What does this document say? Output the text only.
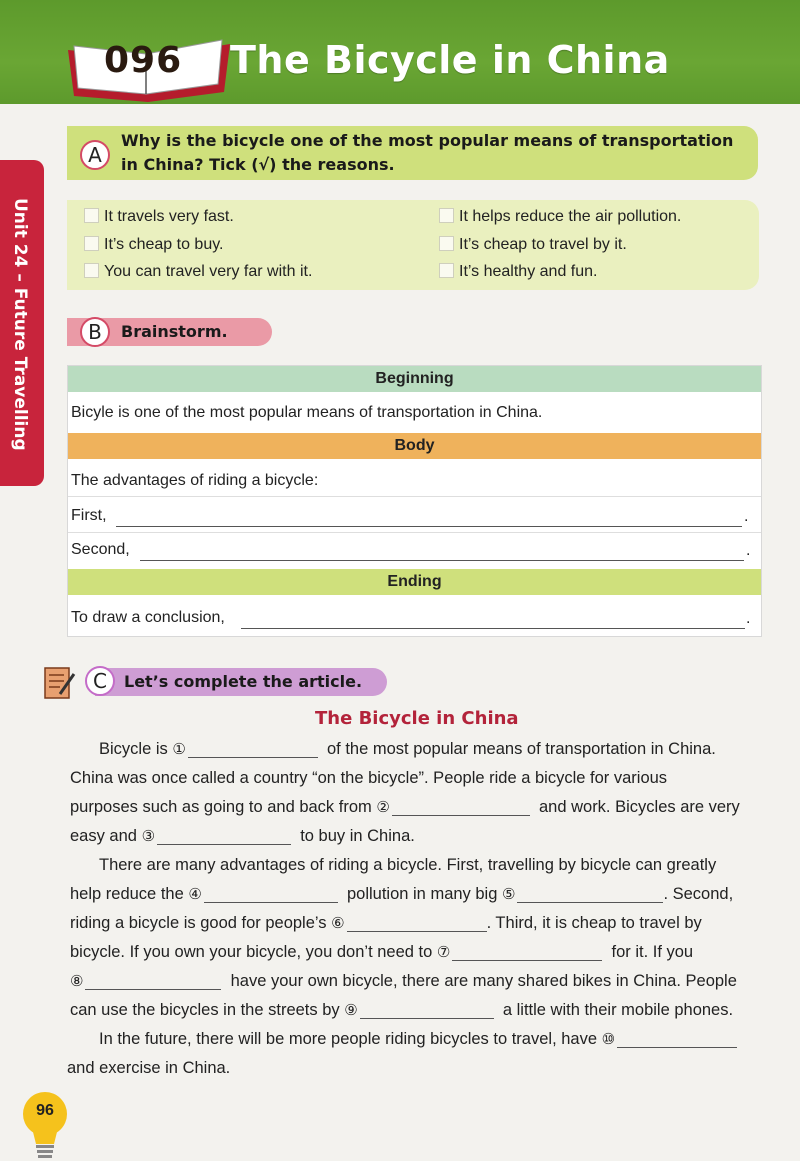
096	The Bicycle in China
Unit 24 – Future Travelling
A
Why is the bicycle one of the most popular means of transportation
in China? Tick (√) the reasons.
It travels very fast.
It’s cheap to buy.
You can travel very far with it.
It helps reduce the air pollution.
It’s cheap to travel by it.
It’s healthy and fun.
B	Brainstorm.
Beginning
Bicyle is one of the most popular means of transportation in China.
Body
The advantages of riding a bicycle:
First,	.
Second,	.
Ending
To draw a conclusion,	.
C	Let’s complete the article.
The Bicycle in China
Bicycle is ①	of the most popular means of transportation in China.
China was once called a country “on the bicycle”. People ride a bicycle for various
purposes such as going to and back from ②	and work. Bicycles are very
easy and ③	to buy in China.
There are many advantages of riding a bicycle. First, travelling by bicycle can greatly
help reduce the ④	pollution in many big ⑤	. Second,
riding a bicycle is good for people’s ⑥	. Third, it is cheap to travel by
bicycle. If you own your bicycle, you don’t need to ⑦	for it. If you
⑧	have your own bicycle, there are many shared bikes in China. People
can use the bicycles in the streets by ⑨	a little with their mobile phones.
In the future, there will be more people riding bicycles to travel, have ⑩
and exercise in China.
96
